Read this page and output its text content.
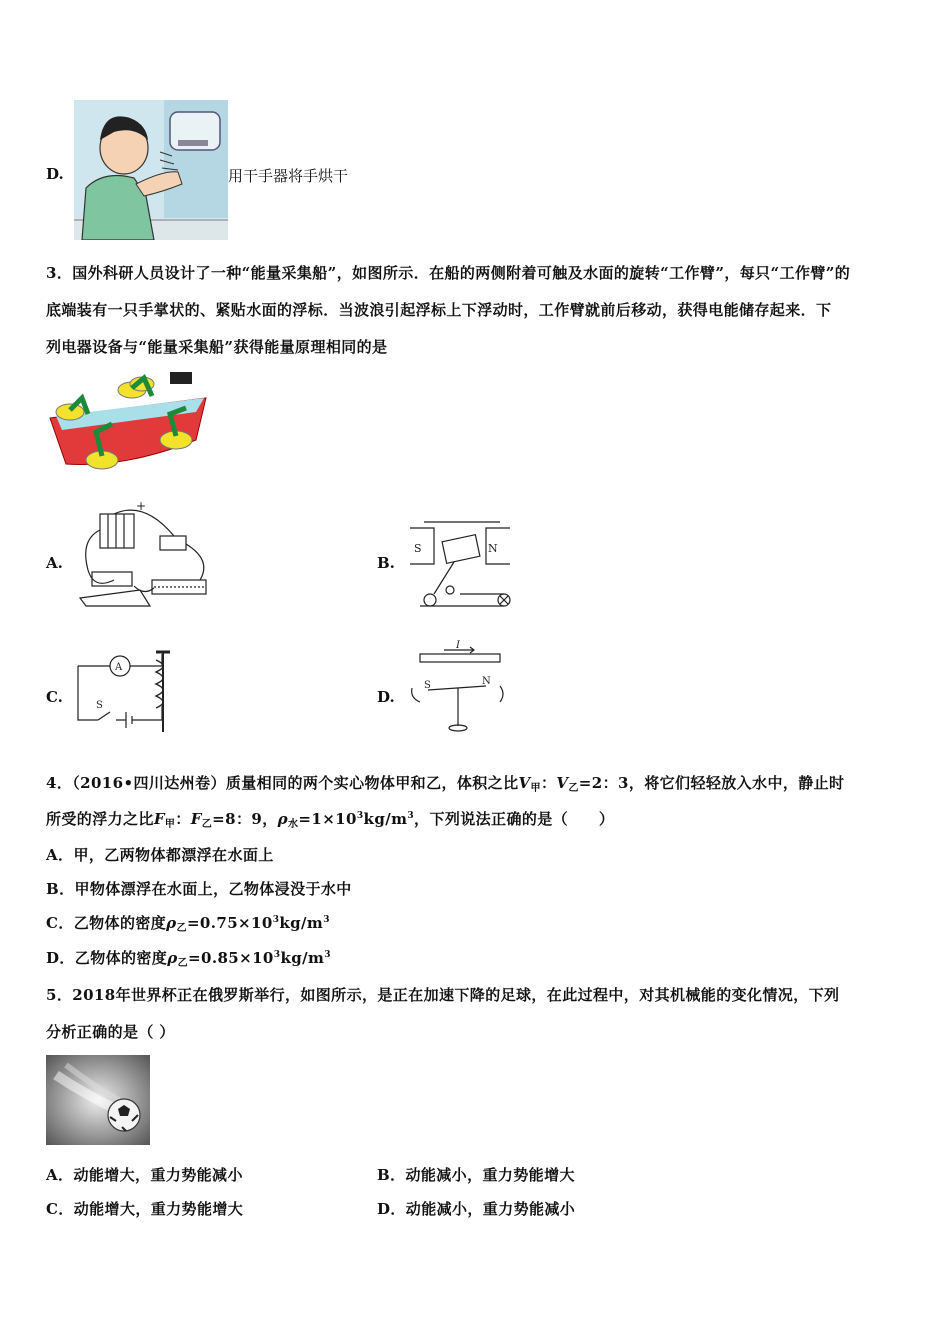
D.	用干手器将手烘干
3．国外科研人员设计了一种“能量采集船”，如图所示．在船的两侧附着可触及水面的旋转“工作臂”，每只“工作臂”的
底端装有一只手掌状的、紧贴水面的浮标．当波浪引起浮标上下浮动时，工作臂就前后移动，获得电能储存起来．下
列电器设备与“能量采集船”获得能量原理相同的是
A.
+
B.
S	N
C.
A
S	D.
I
S	N
4．（2016•四川达州卷）质量相同的两个实心物体甲和乙，体积之比$V_甲$：$V_乙=2$：3，将它们轻轻放入水中，静止时
所受的浮力之比$F_甲$：$F_乙=8$：9，$\rho_水=1\times 10^3kg/m^3$，下列说法正确的是（　　）
A．甲，乙两物体都漂浮在水面上
B．甲物体漂浮在水面上，乙物体浸没于水中
C．乙物体的密度$\rho_乙=0.75\times 10^3kg/m^3$
D．乙物体的密度$\rho_乙=0.85\times 10^3kg/m^3$
5．2018年世界杯正在俄罗斯举行，如图所示，是正在加速下降的足球，在此过程中，对其机械能的变化情况，下列
分析正确的是（ ）
A．动能增大，重力势能减小	B．动能减小，重力势能增大
C．动能增大，重力势能增大	D．动能减小，重力势能减小
